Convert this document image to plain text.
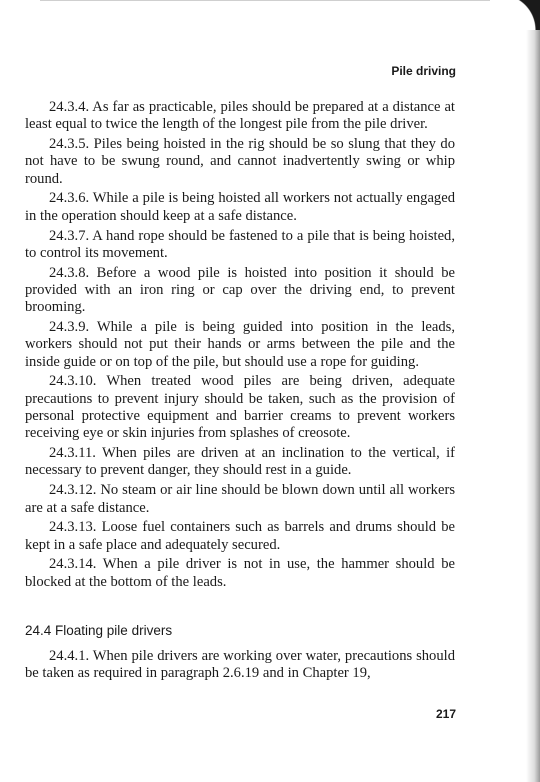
Pile driving

24.3.4. As far as practicable, piles should be prepared at a distance at least equal to twice the length of the longest pile from the pile driver.

24.3.5. Piles being hoisted in the rig should be so slung that they do not have to be swung round, and cannot inadvertently swing or whip round.

24.3.6. While a pile is being hoisted all workers not actually engaged in the operation should keep at a safe distance.

24.3.7. A hand rope should be fastened to a pile that is being hoisted, to control its movement.

24.3.8. Before a wood pile is hoisted into position it should be provided with an iron ring or cap over the driving end, to prevent brooming.

24.3.9. While a pile is being guided into position in the leads, workers should not put their hands or arms between the pile and the inside guide or on top of the pile, but should use a rope for guiding.

24.3.10. When treated wood piles are being driven, adequate precautions to prevent injury should be taken, such as the provision of personal protective equipment and barrier creams to prevent workers receiving eye or skin injuries from splashes of creosote.

24.3.11. When piles are driven at an inclination to the vertical, if necessary to prevent danger, they should rest in a guide.

24.3.12. No steam or air line should be blown down until all workers are at a safe distance.

24.3.13. Loose fuel containers such as barrels and drums should be kept in a safe place and adequately secured.

24.3.14. When a pile driver is not in use, the hammer should be blocked at the bottom of the leads.

24.4 Floating pile drivers

24.4.1. When pile drivers are working over water, precautions should be taken as required in paragraph 2.6.19 and in Chapter 19,

217
